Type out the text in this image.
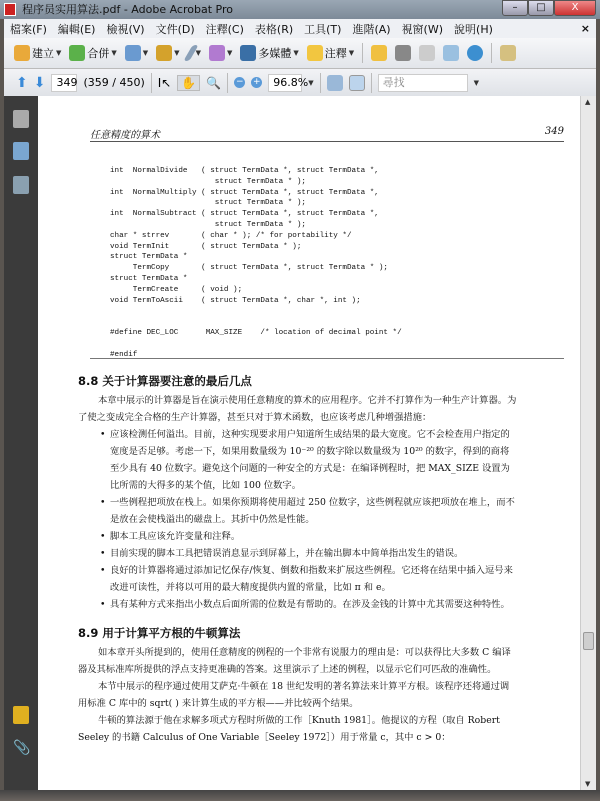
程序员实用算法.pdf - Adobe Acrobat Pro	–	□	X
檔案(F) 編輯(E) 檢視(V) 文件(D) 注釋(C) 表格(R) 工具(T) 進階(A) 視窗(W) 說明(H)	×
建立 ▼ 合併 ▼	▼	▼ ▼	▼ 多媒體 ▼ 注釋 ▼
⬆ ⬇	349 (359 / 450) I↖ ✋ 🔍 − +	96.8% ▼	尋找	▼
📎
任意精度的算术	349
int  NormalDivide   ( struct TermData *, struct TermData *,
struct TermData * );
int  NormalMultiply ( struct TermData *, struct TermData *,
struct TermData * );
int  NormalSubtract ( struct TermData *, struct TermData *,
struct TermData * );
char * strrev       ( char * ); /* for portability */
void TermInit       ( struct TermData * );
struct TermData *
TermCopy       ( struct TermData *, struct TermData * );
struct TermData *
TermCreate     ( void );
void TermToAscii    ( struct TermData *, char *, int );

#define DEC_LOC      MAX_SIZE    /* location of decimal point */

#endif
8.8 关于计算器要注意的最后几点

本章中展示的计算器是旨在演示使用任意精度的算术的应用程序。它并不打算作为一种生产计算器。为了使之变成完全合格的生产计算器，甚至只对于算术函数，也应该考虑几种增强措施：

• 应该检测任何溢出。目前，这种实现要求用户知道所生成结果的最大宽度。它不会检查用户指定的宽度是否足够。考虑一下，如果用数量级为 10⁻²⁰ 的数字除以数量级为 10²⁰ 的数字，得到的商将至少具有 40 位数字。避免这个问题的一种安全的方式是：在编译例程时，把 MAX_SIZE 设置为比所需的大得多的某个值，比如 100 位数字。
• 一些例程把项放在栈上。如果你预期将使用超过 250 位数字，这些例程就应该把项放在堆上，而不是放在会使栈溢出的磁盘上。其折中仍然是性能。
• 脚本工具应该允许变量和注释。
• 目前实现的脚本工具把错误消息显示到屏幕上，并在输出脚本中简单指出发生的错误。
• 良好的计算器将通过添加记忆保存/恢复、倒数和指数来扩展这些例程。它还将在结果中插入逗号来改进可读性，并将以可用的最大精度提供内置的常量，比如 π 和 e。
• 具有某种方式来指出小数点后面所需的位数是有帮助的。在涉及金钱的计算中尤其需要这种特性。
8.9 用于计算平方根的牛顿算法

如本章开头所提到的，使用任意精度的例程的一个非常有说服力的理由是：可以获得比大多数 C 编译器及其标准库所提供的浮点支持更准确的答案。这里演示了上述的例程，以显示它们可匹敌的准确性。

本节中展示的程序通过使用艾萨克·牛顿在 18 世纪发明的著名算法来计算平方根。该程序还将通过调用标准 C 库中的 sqrt( ) 来计算生成的平方根——并比较两个结果。

牛顿的算法源于他在求解多项式方程时所做的工作［Knuth 1981］。他提议的方程（取自 Robert Seeley 的书籍 Calculus of One Variable［Seeley 1972］）用于常量 c，其中 c > 0：

▲
▼
